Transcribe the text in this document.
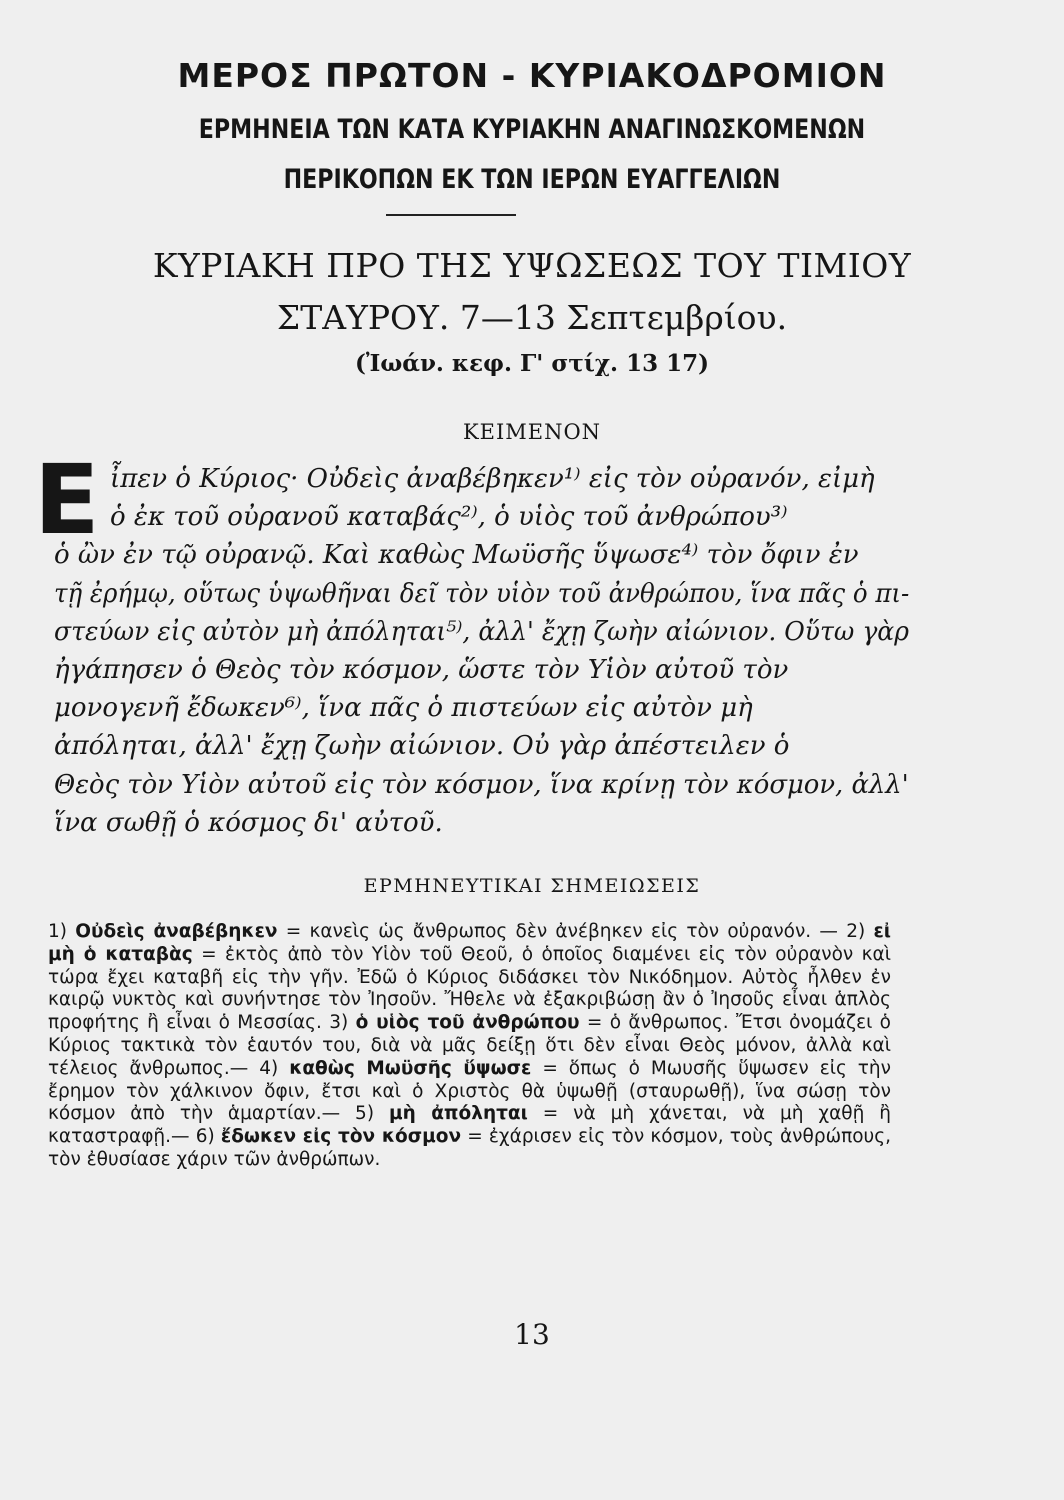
ΜΕΡΟΣ ΠΡΩΤΟΝ - ΚΥΡΙΑΚΟΔΡΟΜΙΟΝ
ΕΡΜΗΝΕΙΑ ΤΩΝ ΚΑΤΑ ΚΥΡΙΑΚΗΝ ΑΝΑΓΙΝΩΣΚΟΜΕΝΩΝ
ΠΕΡΙΚΟΠΩΝ ΕΚ ΤΩΝ ΙΕΡΩΝ ΕΥΑΓΓΕΛΙΩΝ
ΚΥΡΙΑΚΗ ΠΡΟ ΤΗΣ ΥΨΩΣΕΩΣ ΤΟΥ ΤΙΜΙΟΥ
ΣΤΑΥΡΟΥ. 7—13 Σεπτεμβρίου.
(Ἰωάν. κεφ. Γ' στίχ. 13 17)
ΚΕΙΜΕΝΟΝ
Ε ἶπεν ὁ Κύριος· Οὐδεὶς ἀναβέβηκεν¹⁾ εἰς τὸν οὐρανόν, εἰμὴ
ὁ ἐκ τοῦ οὐρανοῦ καταβάς²⁾, ὁ υἱὸς τοῦ ἀνθρώπου³⁾
ὁ ὢν ἐν τῷ οὐρανῷ. Καὶ καθὼς Μωϋσῆς ὕψωσε⁴⁾ τὸν ὄφιν ἐν
τῇ ἐρήμῳ, οὕτως ὑψωθῆναι δεῖ τὸν υἱὸν τοῦ ἀνθρώπου, ἵνα πᾶς ὁ πι-
στεύων εἰς αὐτὸν μὴ ἀπόληται⁵⁾, ἀλλ' ἔχῃ ζωὴν αἰώνιον. Οὕτω γὰρ
ἠγάπησεν ὁ Θεὸς τὸν κόσμον, ὥστε τὸν Υἱὸν αὐτοῦ τὸν
μονογενῆ ἔδωκεν⁶⁾, ἵνα πᾶς ὁ πιστεύων εἰς αὐτὸν μὴ
ἀπόληται, ἀλλ' ἔχῃ ζωὴν αἰώνιον. Οὐ γὰρ ἀπέστειλεν ὁ
Θεὸς τὸν Υἱὸν αὐτοῦ εἰς τὸν κόσμον, ἵνα κρίνῃ τὸν κόσμον, ἀλλ'
ἵνα σωθῇ ὁ κόσμος δι' αὐτοῦ.
ΕΡΜΗΝΕΥΤΙΚΑΙ ΣΗΜΕΙΩΣΕΙΣ
1) Οὐδεὶς ἀναβέβηκεν = κανεὶς ὡς ἄνθρωπος δὲν ἀνέβηκεν εἰς τὸν οὐρανόν. — 2) εἰ μὴ ὁ καταβὰς = ἐκτὸς ἀπὸ τὸν Υἱὸν τοῦ Θεοῦ, ὁ ὁποῖος διαμένει εἰς τὸν οὐρανὸν καὶ τώρα ἔχει καταβῆ εἰς τὴν γῆν. Ἐδῶ ὁ Κύριος διδάσκει τὸν Νικόδημον. Αὐτὸς ἦλθεν ἐν καιρῷ νυκτὸς καὶ συνήντησε τὸν Ἰησοῦν. Ἤθελε νὰ ἐξακριβώσῃ ἂν ὁ Ἰησοῦς εἶναι ἁπλὸς προφήτης ἢ εἶναι ὁ Μεσσίας. 3) ὁ υἱὸς τοῦ ἀνθρώπου = ὁ ἄνθρωπος. Ἔτσι ὀνομάζει ὁ Κύριος τακτικὰ τὸν ἑαυτόν του, διὰ νὰ μᾶς δείξῃ ὅτι δὲν εἶναι Θεὸς μόνον, ἀλλὰ καὶ τέλειος ἄνθρωπος.— 4) καθὼς Μωϋσῆς ὕψωσε = ὅπως ὁ Μωυσῆς ὕψωσεν εἰς τὴν ἔρημον τὸν χάλκινον ὄφιν, ἔτσι καὶ ὁ Χριστὸς θὰ ὑψωθῇ (σταυρωθῇ), ἵνα σώσῃ τὸν κόσμον ἀπὸ τὴν ἁμαρτίαν.— 5) μὴ ἀπόληται = νὰ μὴ χάνεται, νὰ μὴ χαθῇ ἢ καταστραφῇ.— 6) ἔδωκεν εἰς τὸν κόσμον = ἐχάρισεν εἰς τὸν κόσμον, τοὺς ἀνθρώπους, τὸν ἐθυσίασε χάριν τῶν ἀνθρώπων.
13
